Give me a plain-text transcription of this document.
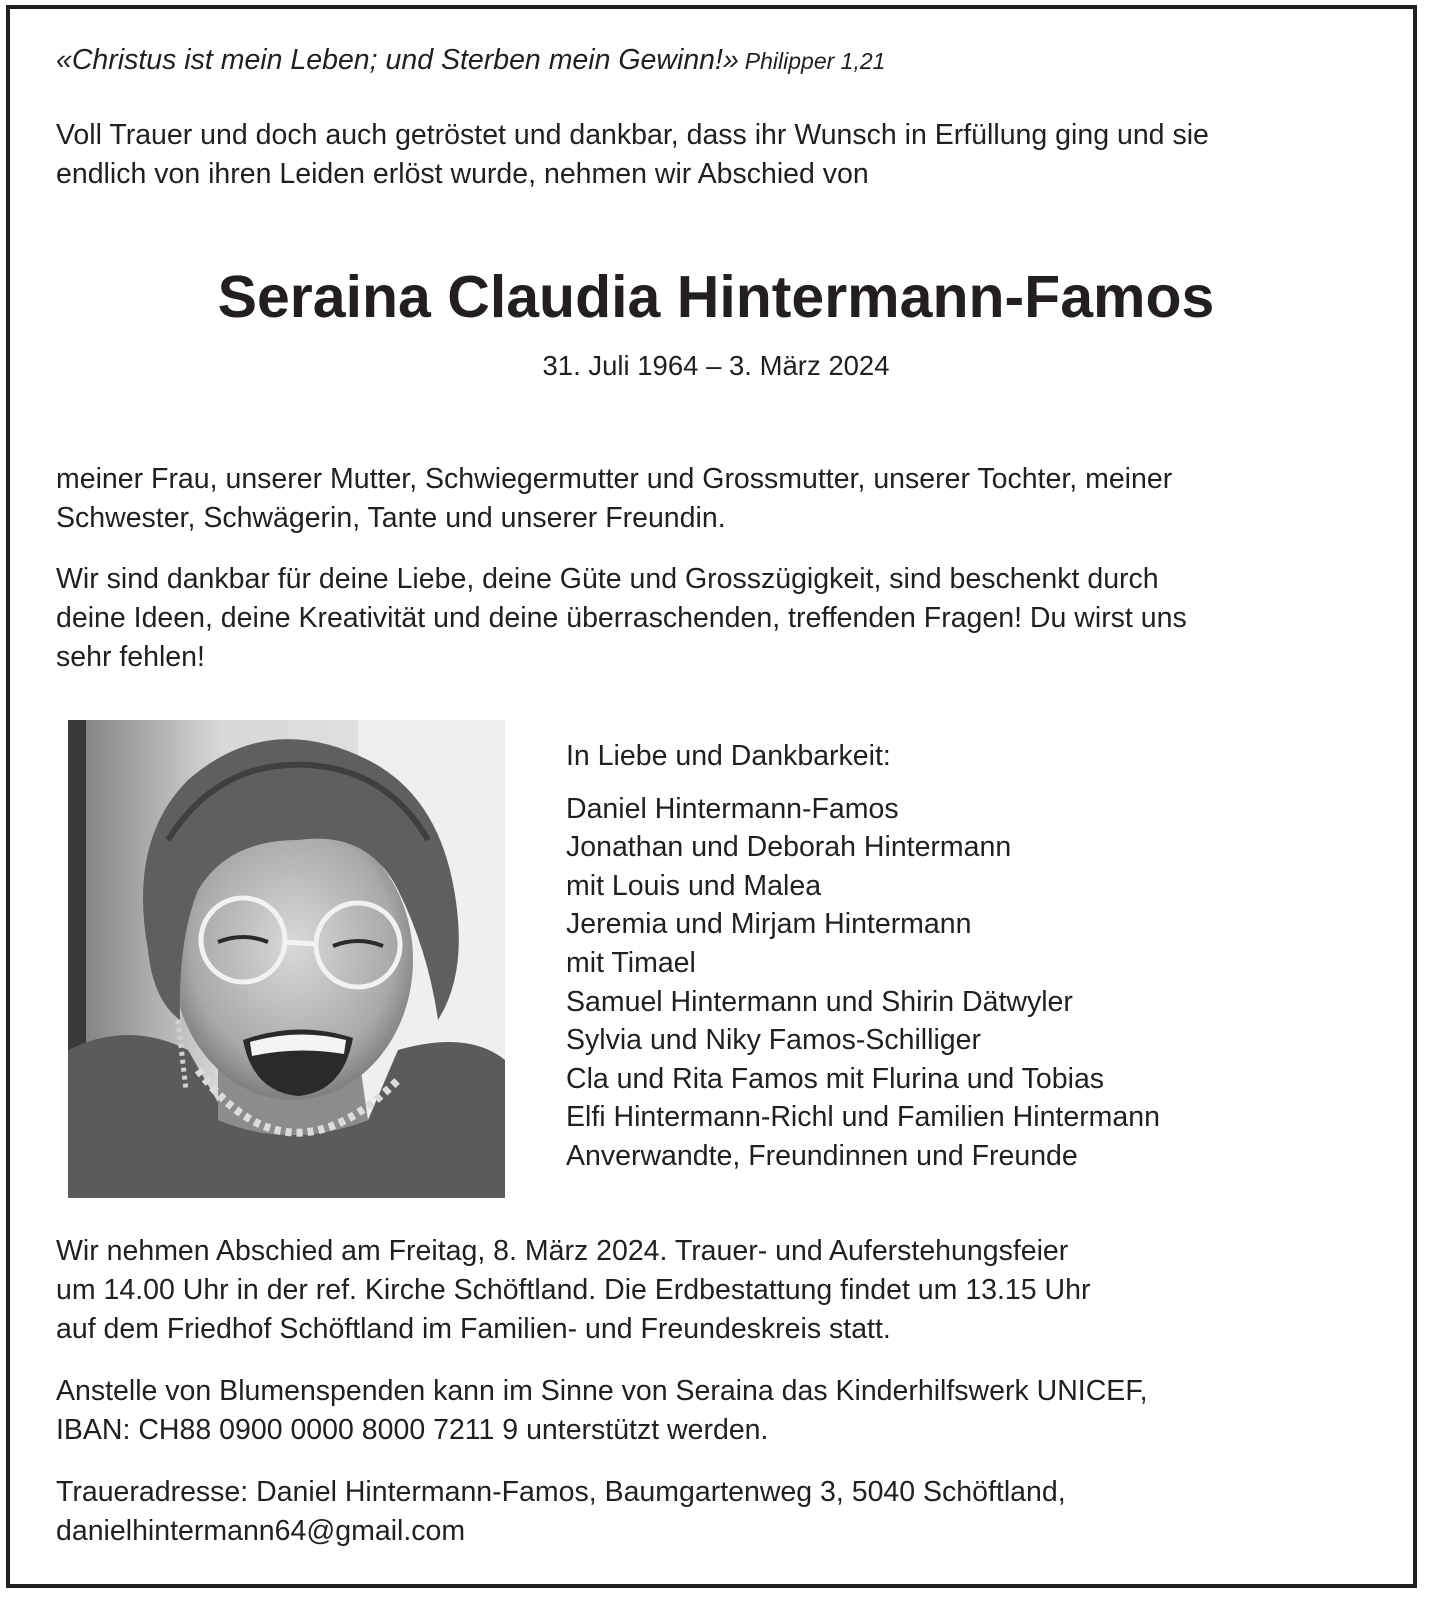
«Christus ist mein Leben; und Sterben mein Gewinn!» Philipper 1,21

Voll Trauer und doch auch getröstet und dankbar, dass ihr Wunsch in Erfüllung ging und sie

endlich von ihren Leiden erlöst wurde, nehmen wir Abschied von

Seraina Claudia Hintermann-Famos
31. Juli 1964 – 3. März 2024

meiner Frau, unserer Mutter, Schwiegermutter und Grossmutter, unserer Tochter, meiner

Schwester, Schwägerin, Tante und unserer Freundin.

Wir sind dankbar für deine Liebe, deine Güte und Grosszügigkeit, sind beschenkt durch

deine Ideen, deine Kreativität und deine überraschenden, treffenden Fragen! Du wirst uns

sehr fehlen!

In Liebe und Dankbarkeit:

Daniel Hintermann-Famos

Jonathan und Deborah Hintermann

mit Louis und Malea

Jeremia und Mirjam Hintermann

mit Timael

Samuel Hintermann und Shirin Dätwyler

Sylvia und Niky Famos-Schilliger

Cla und Rita Famos mit Flurina und Tobias

Elfi Hintermann-Richl und Familien Hintermann

Anverwandte, Freundinnen und Freunde

Wir nehmen Abschied am Freitag, 8. März 2024. Trauer- und Auferstehungsfeier

um 14.00 Uhr in der ref. Kirche Schöftland. Die Erdbestattung findet um 13.15 Uhr

auf dem Friedhof Schöftland im Familien- und Freundeskreis statt.

Anstelle von Blumenspenden kann im Sinne von Seraina das Kinderhilfswerk UNICEF,

IBAN: CH88 0900 0000 8000 7211 9 unterstützt werden.

Traueradresse: Daniel Hintermann-Famos, Baumgartenweg 3, 5040 Schöftland,

danielhintermann64@gmail.com
